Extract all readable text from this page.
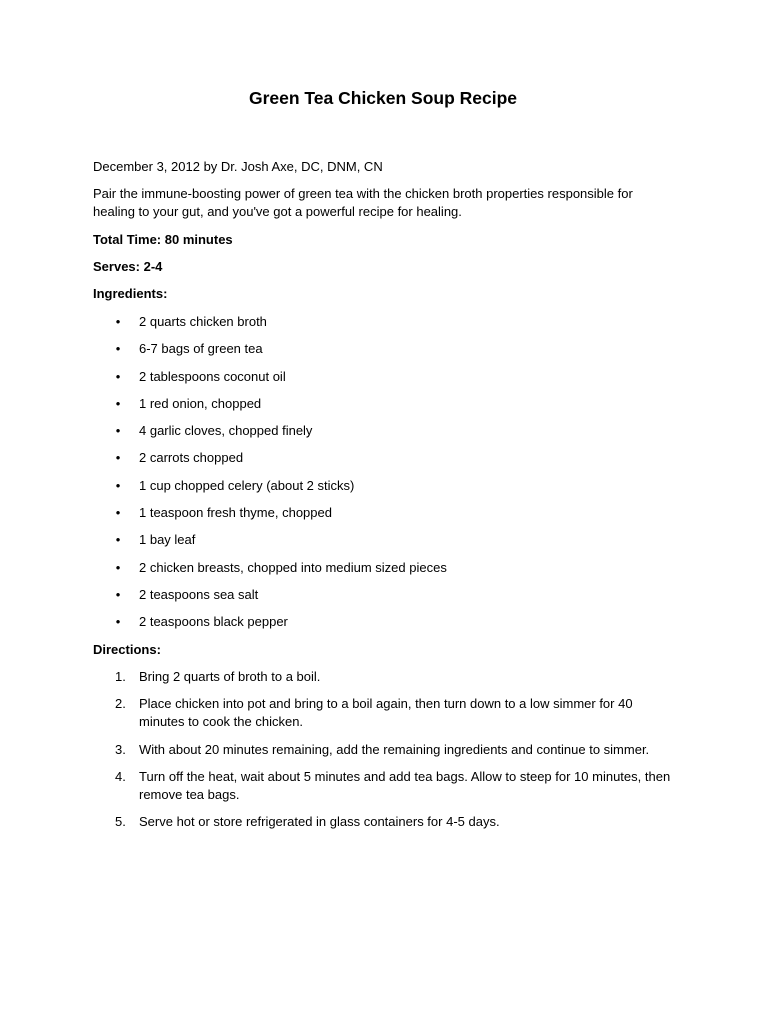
Green Tea Chicken Soup Recipe

December 3, 2012 by Dr. Josh Axe, DC, DNM, CN

Pair the immune-boosting power of green tea with the chicken broth properties responsible for healing to your gut, and you've got a powerful recipe for healing.

Total Time: 80 minutes

Serves: 2-4

Ingredients:

• 2 quarts chicken broth
• 6-7 bags of green tea
• 2 tablespoons coconut oil
• 1 red onion, chopped
• 4 garlic cloves, chopped finely
• 2 carrots chopped
• 1 cup chopped celery (about 2 sticks)
• 1 teaspoon fresh thyme, chopped
• 1 bay leaf
• 2 chicken breasts, chopped into medium sized pieces
• 2 teaspoons sea salt
• 2 teaspoons black pepper

Directions:

1.	Bring 2 quarts of broth to a boil.
2.	Place chicken into pot and bring to a boil again, then turn down to a low simmer for 40 minutes to cook the chicken.
3.	With about 20 minutes remaining, add the remaining ingredients and continue to simmer.
4.	Turn off the heat, wait about 5 minutes and add tea bags. Allow to steep for 10 minutes, then remove tea bags.
5.	Serve hot or store refrigerated in glass containers for 4-5 days.
